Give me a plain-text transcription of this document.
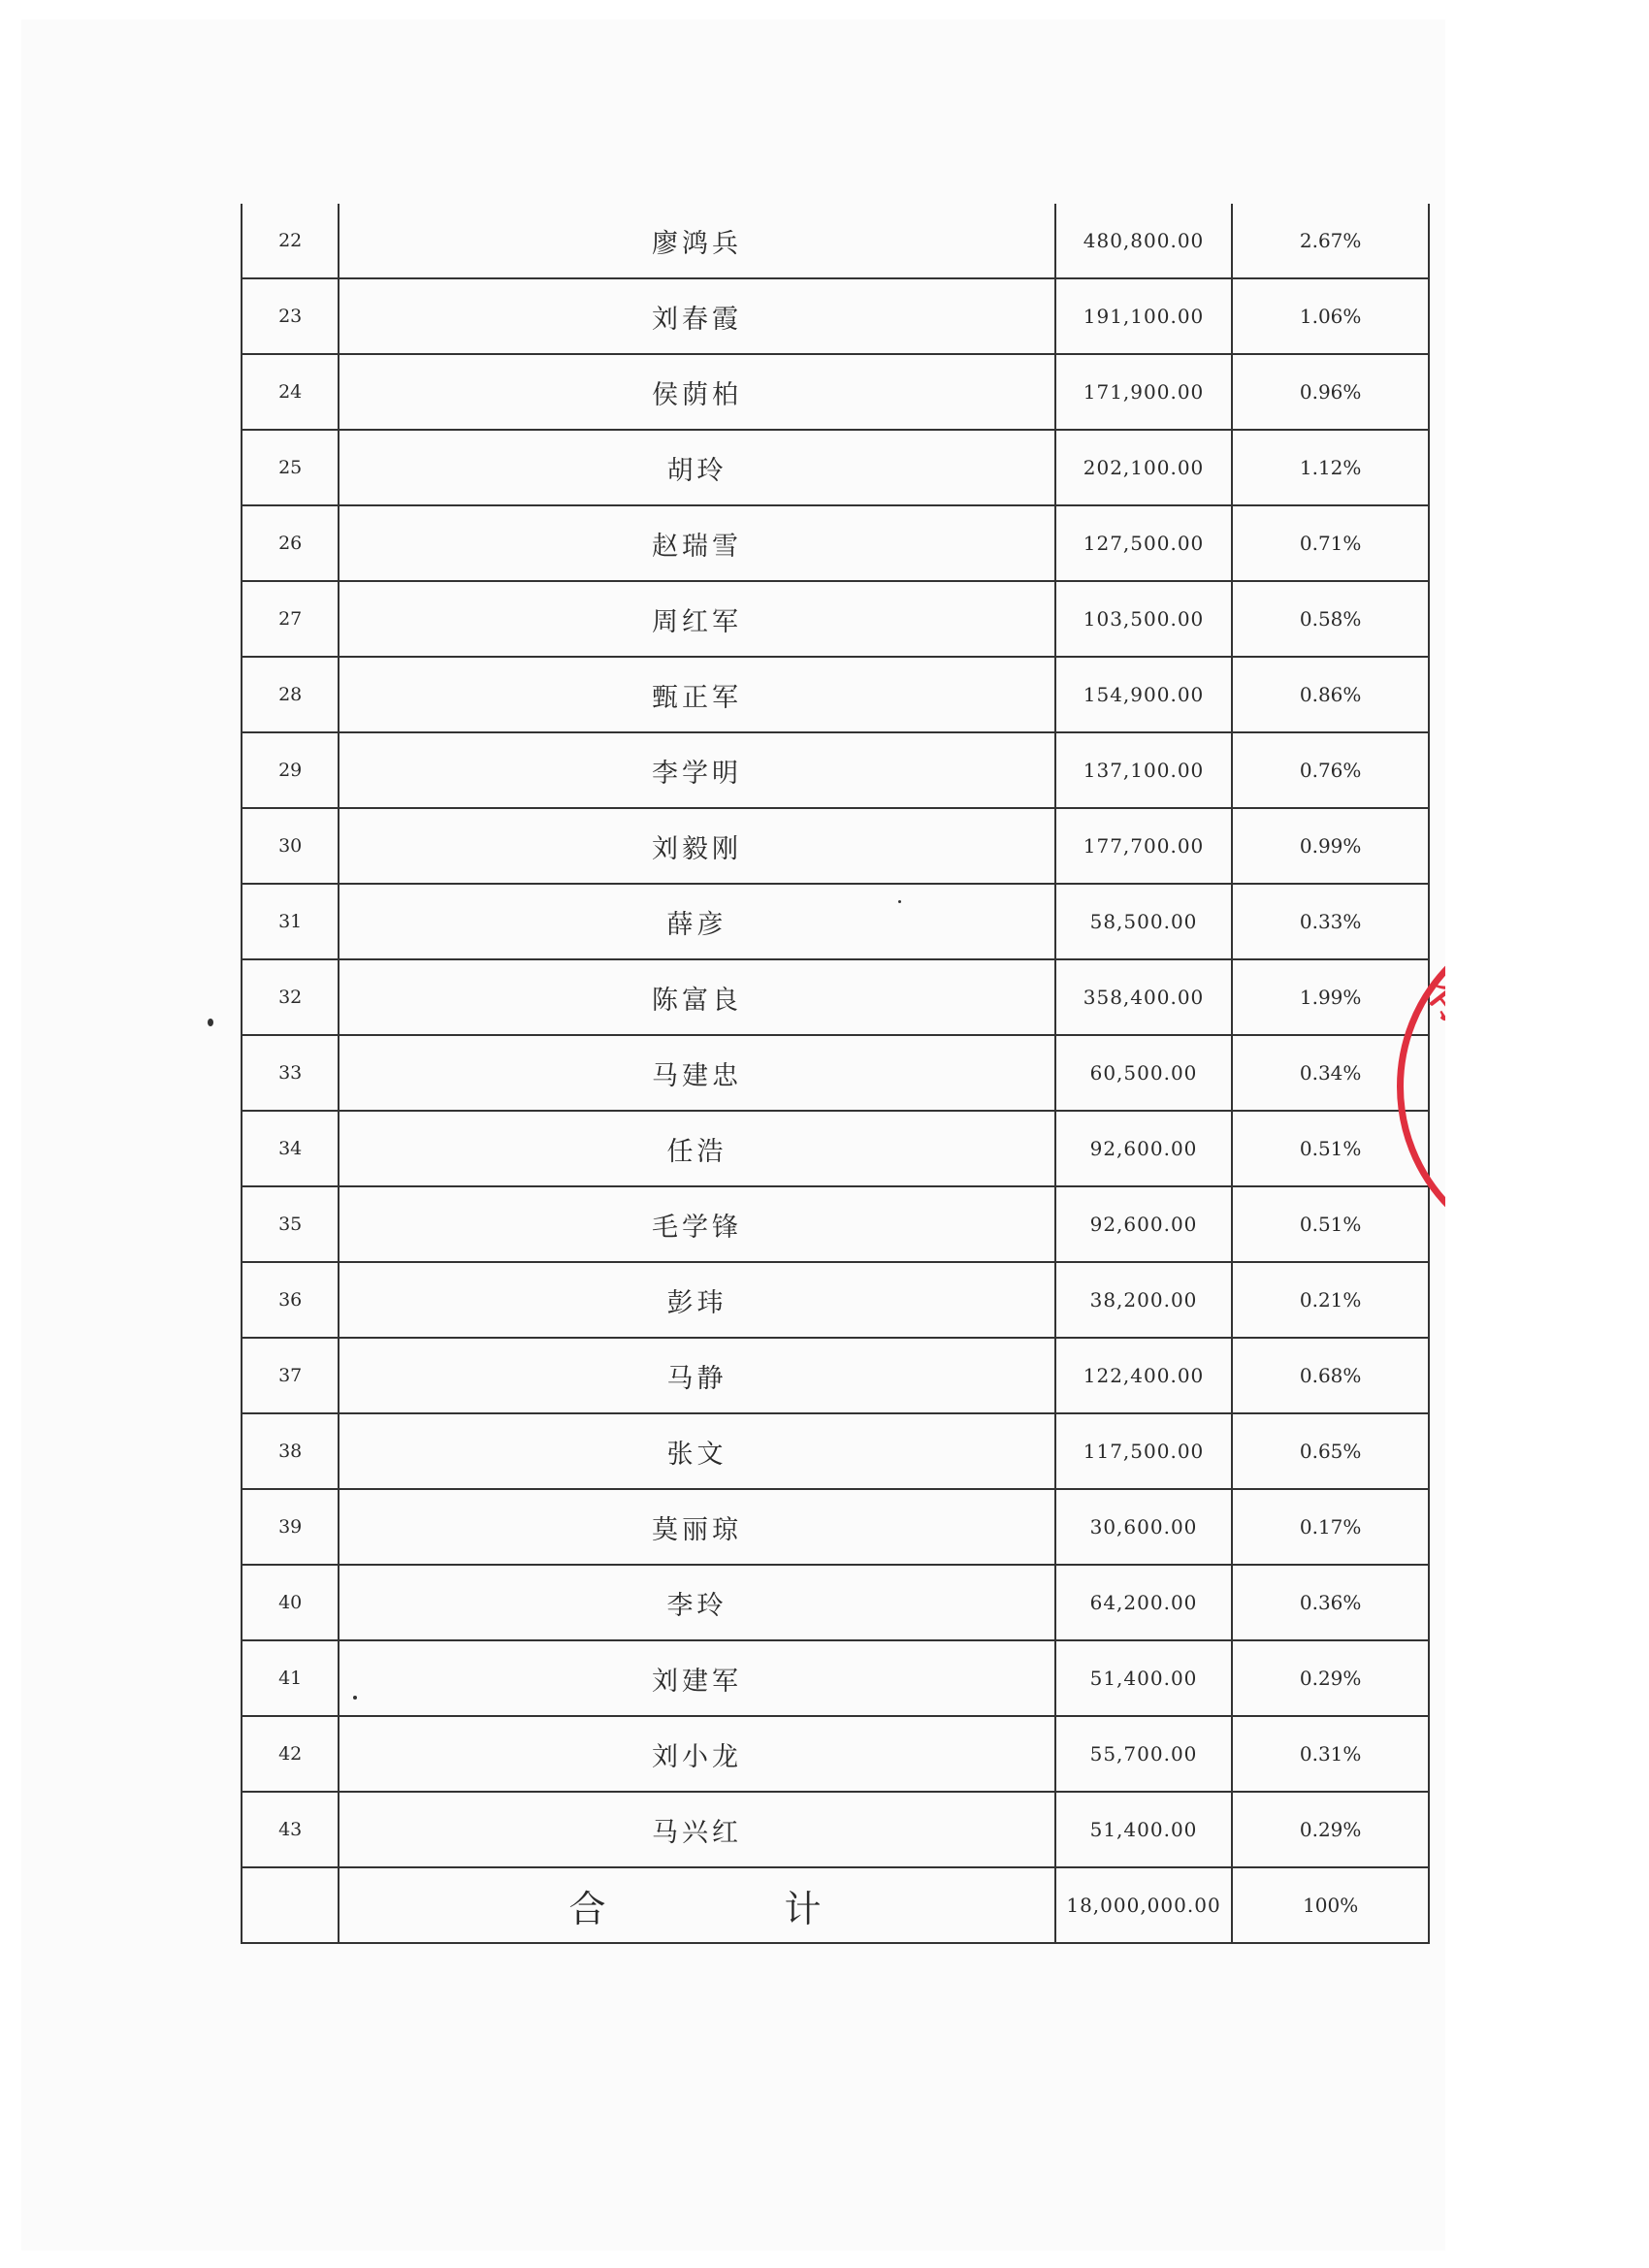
22	廖鸿兵	480,800.00	2.67%
23	刘春霞	191,100.00	1.06%
24	侯荫柏	171,900.00	0.96%
25	胡玲	202,100.00	1.12%
26	赵瑞雪	127,500.00	0.71%
27	周红军	103,500.00	0.58%
28	甄正军	154,900.00	0.86%
29	李学明	137,100.00	0.76%
30	刘毅刚	177,700.00	0.99%
31	薛彦	58,500.00	0.33%
32	陈富良	358,400.00	1.99%
33	马建忠	60,500.00	0.34%
34	任浩	92,600.00	0.51%
35	毛学锋	92,600.00	0.51%
36	彭玮	38,200.00	0.21%
37	马静	122,400.00	0.68%
38	张文	117,500.00	0.65%
39	莫丽琼	30,600.00	0.17%
40	李玲	64,200.00	0.36%
41	刘建军	51,400.00	0.29%
42	刘小龙	55,700.00	0.31%
43	马兴红	51,400.00	0.29%
	合 计	18,000,000.00	100%
